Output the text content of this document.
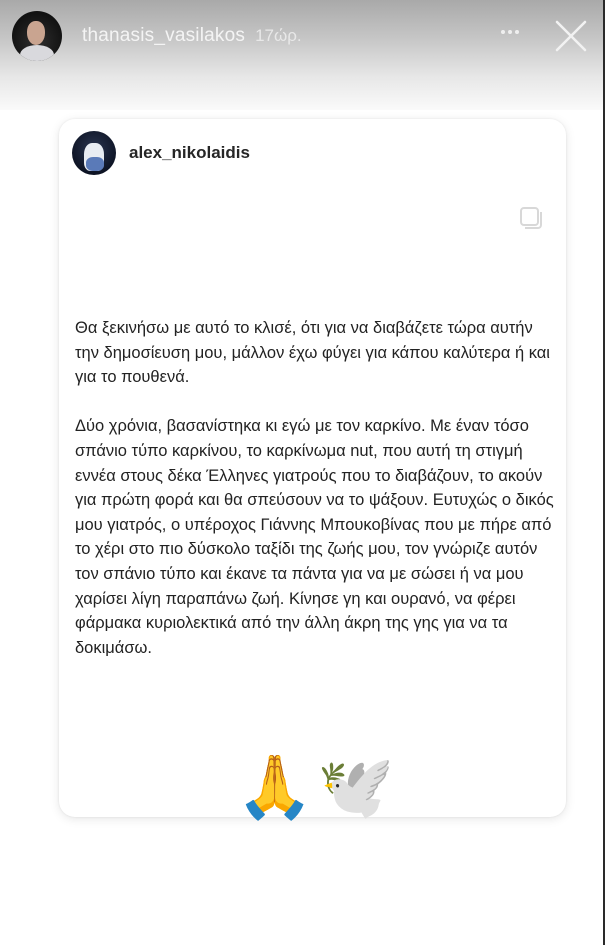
thanasis_vasilakos 17ώρ.
alex_nikolaidis

Θα ξεκινήσω με αυτό το κλισέ, ότι για να διαβάζετε τώρα αυτήν την δημοσίευση μου, μάλλον έχω φύγει για κάπου καλύτερα ή και για το πουθενά.

Δύο χρόνια, βασανίστηκα κι εγώ με τον καρκίνο. Με έναν τόσο σπάνιο τύπο καρκίνου, το καρκίνωμα nut, που αυτή τη στιγμή εννέα στους δέκα Έλληνες γιατρούς που το διαβάζουν, το ακούν για πρώτη φορά και θα σπεύσουν να το ψάξουν. Ευτυχώς ο δικός μου γιατρός, ο υπέροχος Γιάννης Μπουκοβίνας που με πήρε από το χέρι στο πιο δύσκολο ταξίδι της ζωής μου, τον γνώριζε αυτόν τον σπάνιο τύπο και έκανε τα πάντα για να με σώσει ή να μου χαρίσει λίγη παραπάνω ζωή. Κίνησε γη και ουρανό, να φέρει φάρμακα κυριολεκτικά από την άλλη άκρη της γης για να τα δοκιμάσω.

🙏 🕊️
